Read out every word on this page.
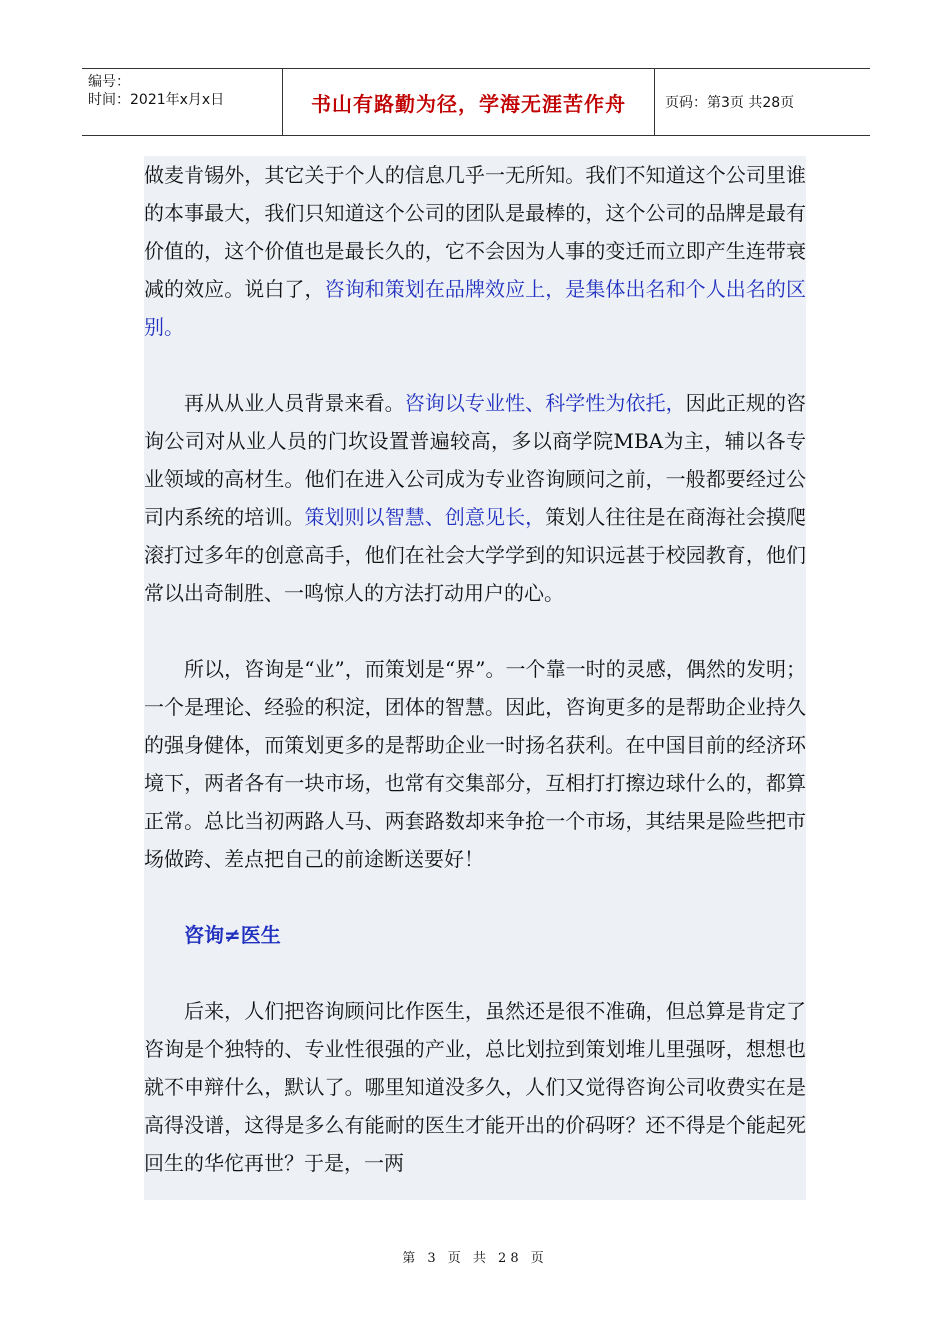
编号：
时间：2021年x月x日	书山有路勤为径，学海无涯苦作舟	页码：第3页 共28页

做麦肯锡外，其它关于个人的信息几乎一无所知。我们不知道这个公司里谁的本事最大，我们只知道这个公司的团队是最棒的，这个公司的品牌是最有价值的，这个价值也是最长久的，它不会因为人事的变迁而立即产生连带衰减的效应。说白了，咨询和策划在品牌效应上，是集体出名和个人出名的区别。

再从从业人员背景来看。咨询以专业性、科学性为依托，因此正规的咨询公司对从业人员的门坎设置普遍较高，多以商学院MBA为主，辅以各专业领域的高材生。他们在进入公司成为专业咨询顾问之前，一般都要经过公司内系统的培训。策划则以智慧、创意见长，策划人往往是在商海社会摸爬滚打过多年的创意高手，他们在社会大学学到的知识远甚于校园教育，他们常以出奇制胜、一鸣惊人的方法打动用户的心。

所以，咨询是“业”，而策划是“界”。一个靠一时的灵感，偶然的发明；一个是理论、经验的积淀，团体的智慧。因此，咨询更多的是帮助企业持久的强身健体，而策划更多的是帮助企业一时扬名获利。在中国目前的经济环境下，两者各有一块市场，也常有交集部分，互相打打擦边球什么的，都算正常。总比当初两路人马、两套路数却来争抢一个市场，其结果是险些把市场做跨、差点把自己的前途断送要好！

咨询≠医生

后来，人们把咨询顾问比作医生，虽然还是很不准确，但总算是肯定了咨询是个独特的、专业性很强的产业，总比划拉到策划堆儿里强呀，想想也就不申辩什么，默认了。哪里知道没多久，人们又觉得咨询公司收费实在是高得没谱，这得是多么有能耐的医生才能开出的价码呀？还不得是个能起死回生的华佗再世？于是，一两

第 3 页 共 28 页
